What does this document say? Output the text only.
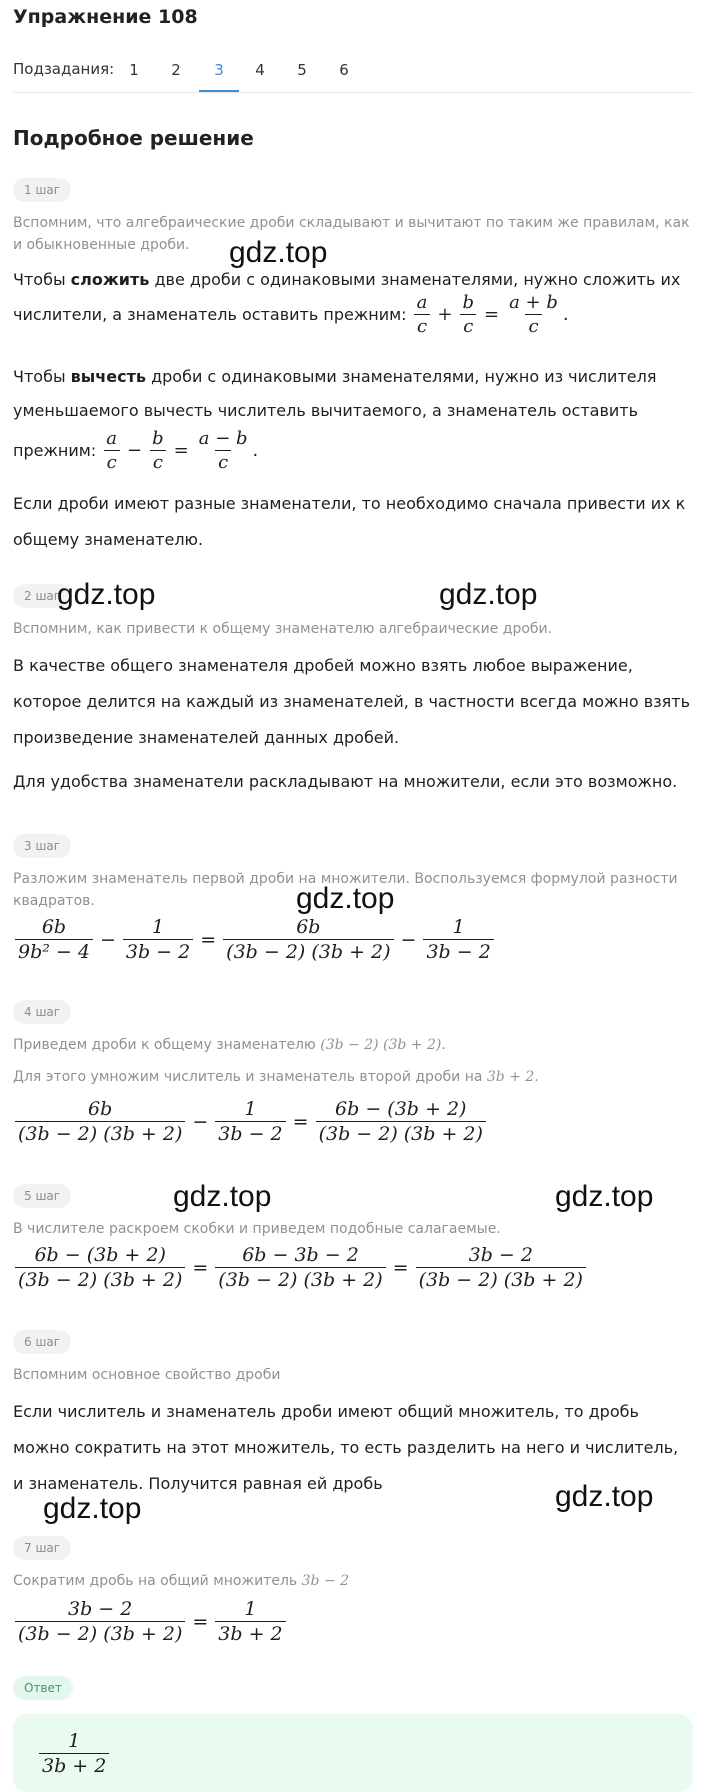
Упражнение 108
Подзадания:	1	2	3	4	5	6
Подробное решение
1 шаг
Вспомним, что алгебраические дроби складывают и вычитают по таким же правилам, как и обыкновенные дроби.
Чтобы сложить две дроби с одинаковыми знаменателями, нужно сложить их числители, а знаменатель оставить прежним: $\frac{a}{c} + \frac{b}{c} = \frac{a + b}{c}$ .
Чтобы вычесть дроби с одинаковыми знаменателями, нужно из числителя уменьшаемого вычесть числитель вычитаемого, а знаменатель оставить прежним: $\frac{a}{c} - \frac{b}{c} = \frac{a - b}{c}$ .
Если дроби имеют разные знаменатели, то необходимо сначала привести их к общему знаменателю.
2 шаг
Вспомним, как привести к общему знаменателю алгебраические дроби.
В качестве общего знаменателя дробей можно взять любое выражение, которое делится на каждый из знаменателей, в частности всегда можно взять произведение знаменателей данных дробей.
Для удобства знаменатели раскладывают на множители, если это возможно.
3 шаг
Разложим знаменатель первой дроби на множители. Воспользуемся формулой разности квадратов.
$\frac{6b}{\text{9b² − 4}} - \frac{1}{3b - 2} = \frac{6b}{(3b - 2) (3b + 2)} - \frac{1}{3b - 2}$
4 шаг
Приведем дроби к общему знаменателю (3b − 2) (3b + 2).
Для этого умножим числитель и знаменатель второй дроби на 3b + 2.
$\frac{6b}{(3b - 2) (3b + 2)} - \frac{1}{3b - 2} = \frac{6b - (3b + 2)}{(3b - 2) (3b + 2)}$
5 шаг
В числителе раскроем скобки и приведем подобные салагаемые.
$\frac{6b - (3b + 2)}{(3b - 2) (3b + 2)} = \frac{6b - 3b - 2}{(3b - 2) (3b + 2)} = \frac{3b - 2}{(3b - 2) (3b + 2)}$
6 шаг
Вспомним основное свойство дроби
Если числитель и знаменатель дроби имеют общий множитель, то дробь можно сократить на этот множитель, то есть разделить на него и числитель, и знаменатель. Получится равная ей дробь
7 шаг
Сократим дробь на общий множитель 3b − 2
$\frac{3b - 2}{(3b - 2) (3b + 2)} = \frac{1}{3b + 2}$
Ответ
$\frac{1}{3b + 2}$
gdz.top
gdz.top	gdz.top
gdz.top
gdz.top	gdz.top
gdz.top
gdz.top
